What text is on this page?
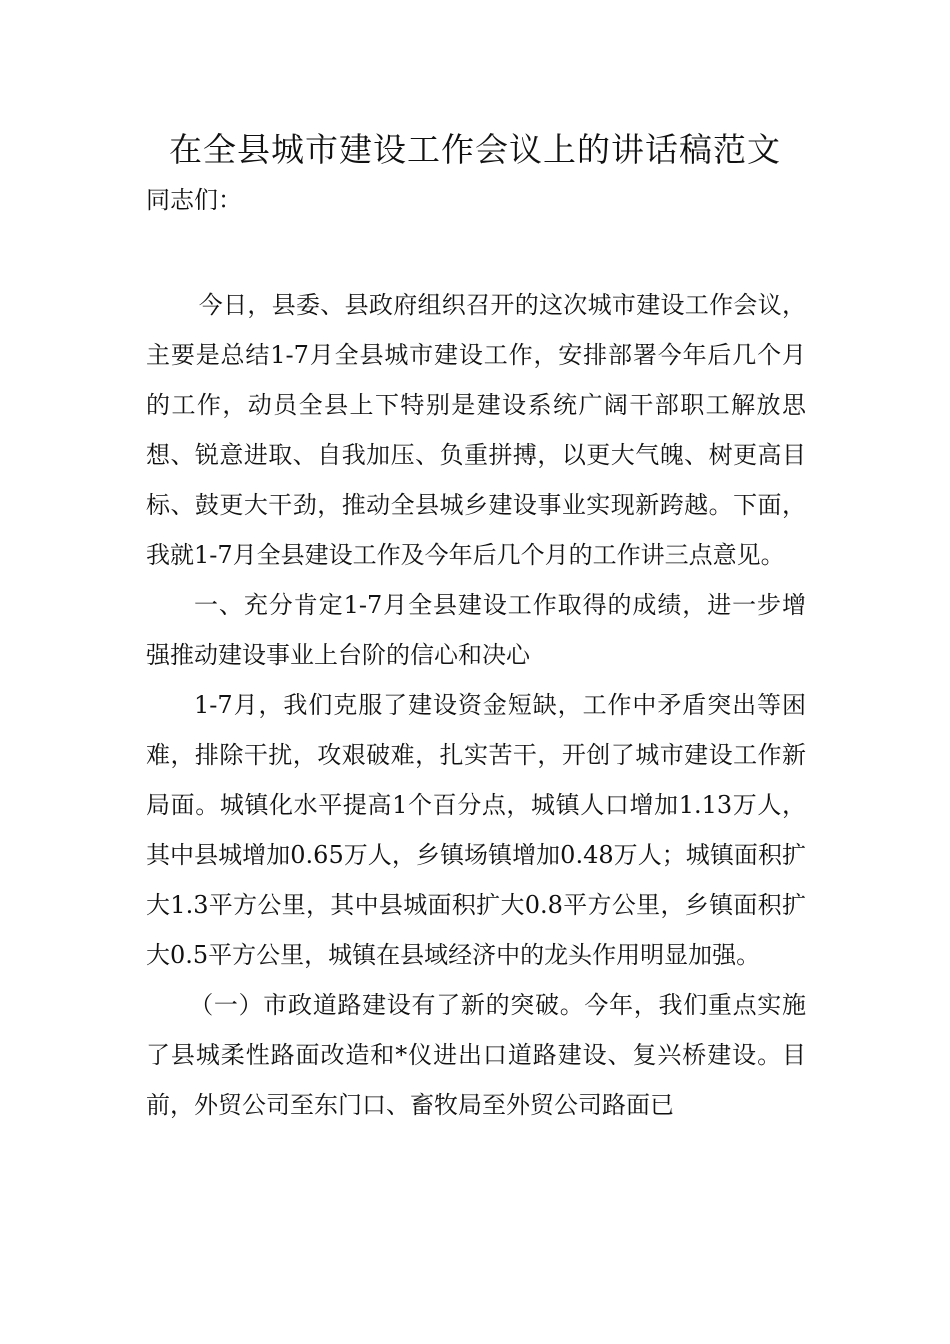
在全县城市建设工作会议上的讲话稿范文

同志们：

今日，县委、县政府组织召开的这次城市建设工作会议，主要是总结1-7月全县城市建设工作，安排部署今年后几个月的工作，动员全县上下特别是建设系统广阔干部职工解放思想、锐意进取、自我加压、负重拼搏，以更大气魄、树更高目标、鼓更大干劲，推动全县城乡建设事业实现新跨越。下面，我就1-7月全县建设工作及今年后几个月的工作讲三点意见。

一、充分肯定1-7月全县建设工作取得的成绩，进一步增强推动建设事业上台阶的信心和决心

1-7月，我们克服了建设资金短缺，工作中矛盾突出等困难，排除干扰，攻艰破难，扎实苦干，开创了城市建设工作新局面。城镇化水平提高1个百分点，城镇人口增加1.13万人，其中县城增加0.65万人，乡镇场镇增加0.48万人；城镇面积扩大1.3平方公里，其中县城面积扩大0.8平方公里，乡镇面积扩大0.5平方公里，城镇在县域经济中的龙头作用明显加强。

（一）市政道路建设有了新的突破。今年，我们重点实施了县城柔性路面改造和*仪进出口道路建设、复兴桥建设。目前，外贸公司至东门口、畜牧局至外贸公司路面已
